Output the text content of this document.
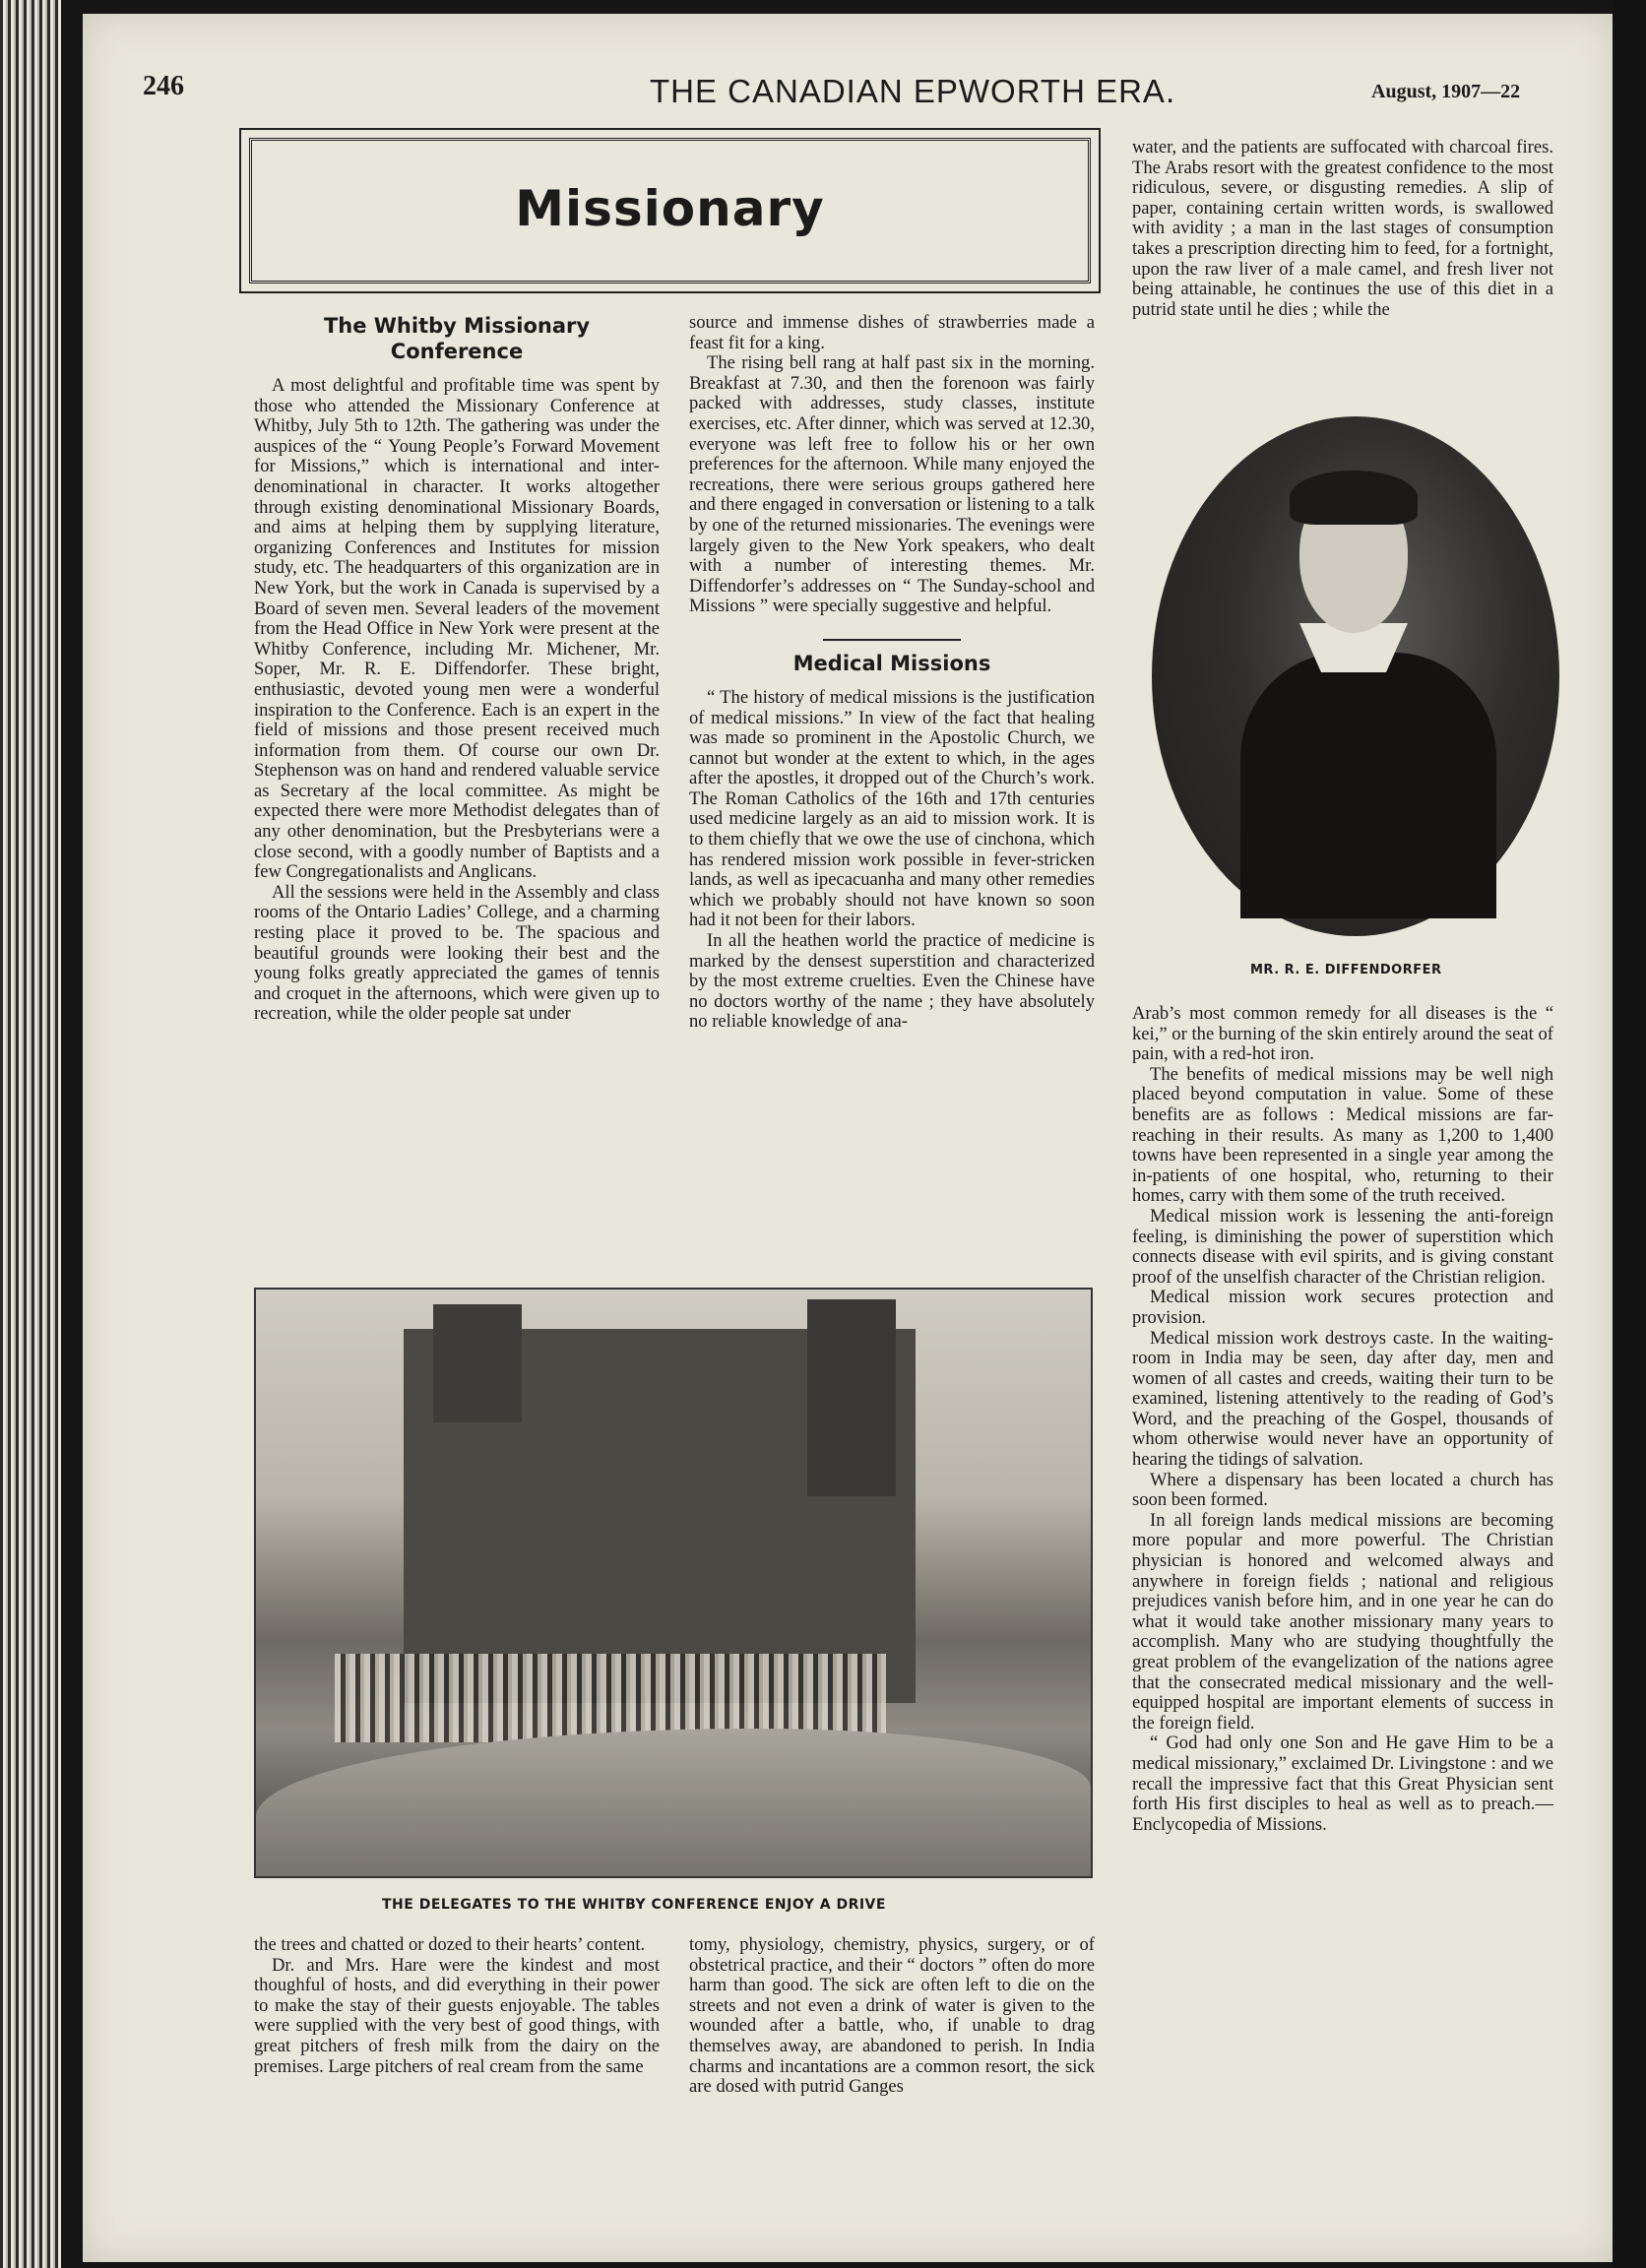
246	THE CANADIAN EPWORTH ERA.	August, 1907—22
Missionary
The Whitby Missionary
Conference

A most delightful and profitable time was spent by those who attended the Missionary Conference at Whitby, July 5th to 12th. The gathering was under the auspices of the “ Young People’s Forward Movement for Missions,” which is international and inter-denominational in character. It works altogether through existing denominational Missionary Boards, and aims at helping them by supplying literature, organizing Conferences and Institutes for mission study, etc. The headquarters of this organization are in New York, but the work in Canada is supervised by a Board of seven men. Several leaders of the movement from the Head Office in New York were present at the Whitby Conference, including Mr. Michener, Mr. Soper, Mr. R. E. Diffendorfer. These bright, enthusiastic, devoted young men were a wonderful inspiration to the Conference. Each is an expert in the field of missions and those present received much information from them. Of course our own Dr. Stephenson was on hand and rendered valuable service as Secretary af the local committee. As might be expected there were more Methodist delegates than of any other denomination, but the Presbyterians were a close second, with a goodly number of Baptists and a few Congregationalists and Anglicans.

All the sessions were held in the Assembly and class rooms of the Ontario Ladies’ College, and a charming resting place it proved to be. The spacious and beautiful grounds were looking their best and the young folks greatly appreciated the games of tennis and croquet in the afternoons, which were given up to recreation, while the older people sat under

source and immense dishes of strawberries made a feast fit for a king.

The rising bell rang at half past six in the morning. Breakfast at 7.30, and then the forenoon was fairly packed with addresses, study classes, institute exercises, etc. After dinner, which was served at 12.30, everyone was left free to follow his or her own preferences for the afternoon. While many enjoyed the recreations, there were serious groups gathered here and there engaged in conversation or listening to a talk by one of the returned missionaries. The evenings were largely given to the New York speakers, who dealt with a number of interesting themes. Mr. Diffendorfer’s addresses on “ The Sunday-school and Missions ” were specially suggestive and helpful.

Medical Missions

“ The history of medical missions is the justification of medical missions.” In view of the fact that healing was made so prominent in the Apostolic Church, we cannot but wonder at the extent to which, in the ages after the apostles, it dropped out of the Church’s work. The Roman Catholics of the 16th and 17th centuries used medicine largely as an aid to mission work. It is to them chiefly that we owe the use of cinchona, which has rendered mission work possible in fever-stricken lands, as well as ipecacuanha and many other remedies which we probably should not have known so soon had it not been for their labors.

In all the heathen world the practice of medicine is marked by the densest superstition and characterized by the most extreme cruelties. Even the Chinese have no doctors worthy of the name ; they have absolutely no reliable knowledge of ana-

water, and the patients are suffocated with charcoal fires. The Arabs resort with the greatest confidence to the most ridiculous, severe, or disgusting remedies. A slip of paper, containing certain written words, is swallowed with avidity ; a man in the last stages of consumption takes a prescription directing him to feed, for a fortnight, upon the raw liver of a male camel, and fresh liver not being attainable, he continues the use of this diet in a putrid state until he dies ; while the

MR. R. E. DIFFENDORFER

Arab’s most common remedy for all diseases is the “ kei,” or the burning of the skin entirely around the seat of pain, with a red-hot iron.

The benefits of medical missions may be well nigh placed beyond computation in value. Some of these benefits are as follows : Medical missions are far-reaching in their results. As many as 1,200 to 1,400 towns have been represented in a single year among the in-patients of one hospital, who, returning to their homes, carry with them some of the truth received.

Medical mission work is lessening the anti-foreign feeling, is diminishing the power of superstition which connects disease with evil spirits, and is giving constant proof of the unselfish character of the Christian religion.

Medical mission work secures protection and provision.

Medical mission work destroys caste. In the waiting-room in India may be seen, day after day, men and women of all castes and creeds, waiting their turn to be examined, listening attentively to the reading of God’s Word, and the preaching of the Gospel, thousands of whom otherwise would never have an opportunity of hearing the tidings of salvation.

Where a dispensary has been located a church has soon been formed.

In all foreign lands medical missions are becoming more popular and more powerful. The Christian physician is honored and welcomed always and anywhere in foreign fields ; national and religious prejudices vanish before him, and in one year he can do what it would take another missionary many years to accomplish. Many who are studying thoughtfully the great problem of the evangelization of the nations agree that the consecrated medical missionary and the well-equipped hospital are important elements of success in the foreign field.

“ God had only one Son and He gave Him to be a medical missionary,” exclaimed Dr. Livingstone : and we recall the impressive fact that this Great Physician sent forth His first disciples to heal as well as to preach.—Enclycopedia of Missions.

THE DELEGATES TO THE WHITBY CONFERENCE ENJOY A DRIVE

the trees and chatted or dozed to their hearts’ content.

Dr. and Mrs. Hare were the kindest and most thoughful of hosts, and did everything in their power to make the stay of their guests enjoyable. The tables were supplied with the very best of good things, with great pitchers of fresh milk from the dairy on the premises. Large pitchers of real cream from the same

tomy, physiology, chemistry, physics, surgery, or of obstetrical practice, and their “ doctors ” often do more harm than good. The sick are often left to die on the streets and not even a drink of water is given to the wounded after a battle, who, if unable to drag themselves away, are abandoned to perish. In India charms and incantations are a common resort, the sick are dosed with putrid Ganges
